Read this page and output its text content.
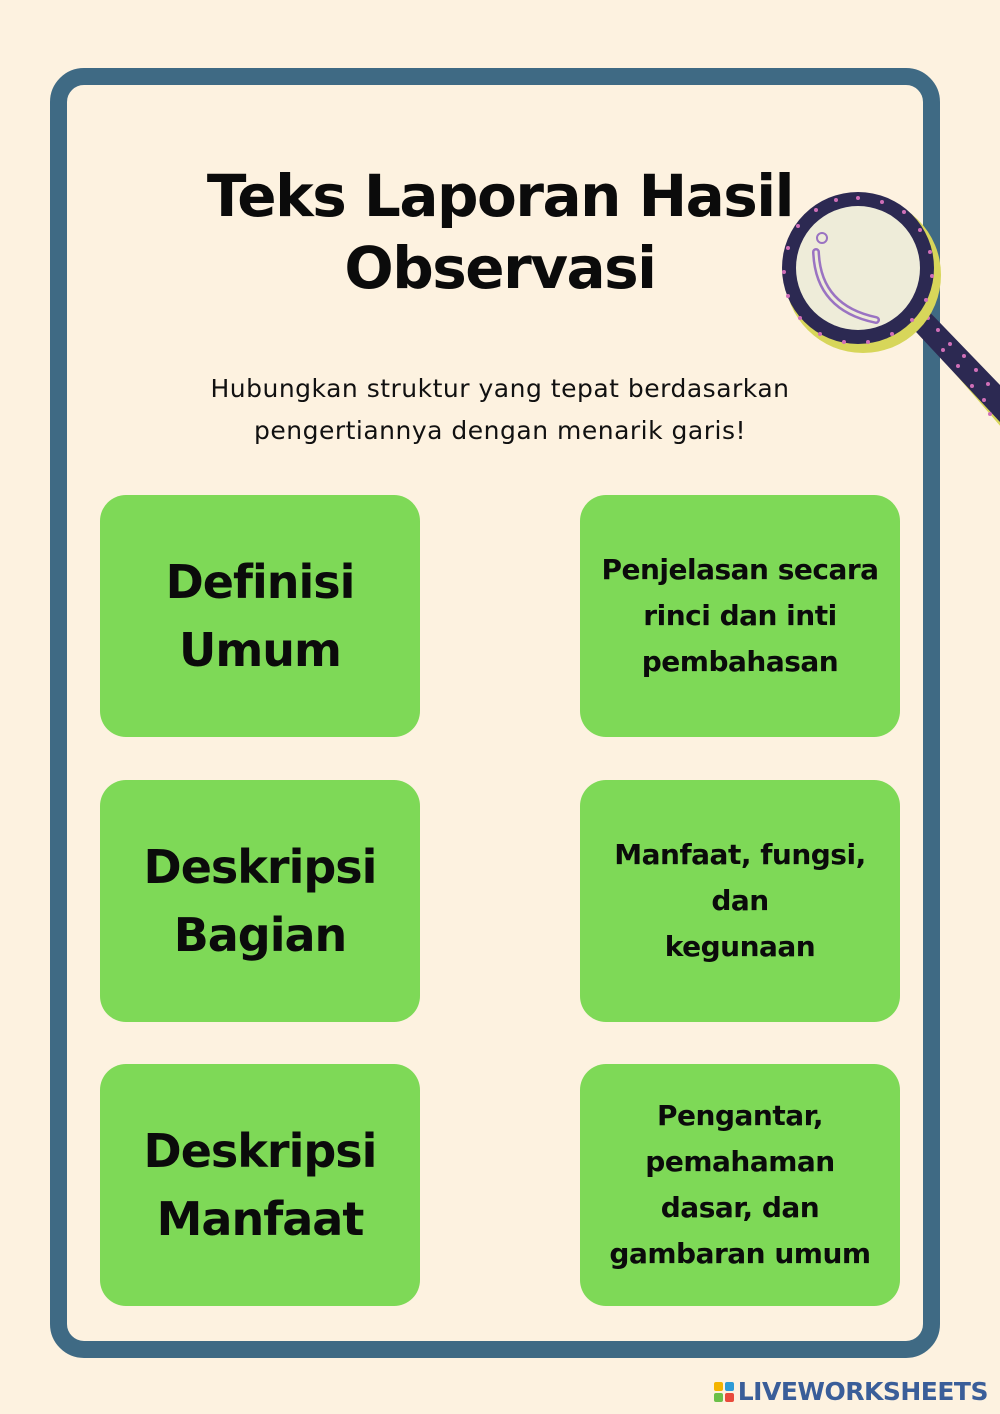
Teks Laporan Hasil Observasi

Hubungkan struktur yang tepat berdasarkan pengertiannya dengan menarik garis!

Definisi
Umum
Deskripsi
Bagian
Deskripsi
Manfaat
Penjelasan secara
rinci dan inti
pembahasan
Manfaat, fungsi,
dan
kegunaan
Pengantar,
pemahaman
dasar, dan
gambaran umum
LIVEWORKSHEETS
